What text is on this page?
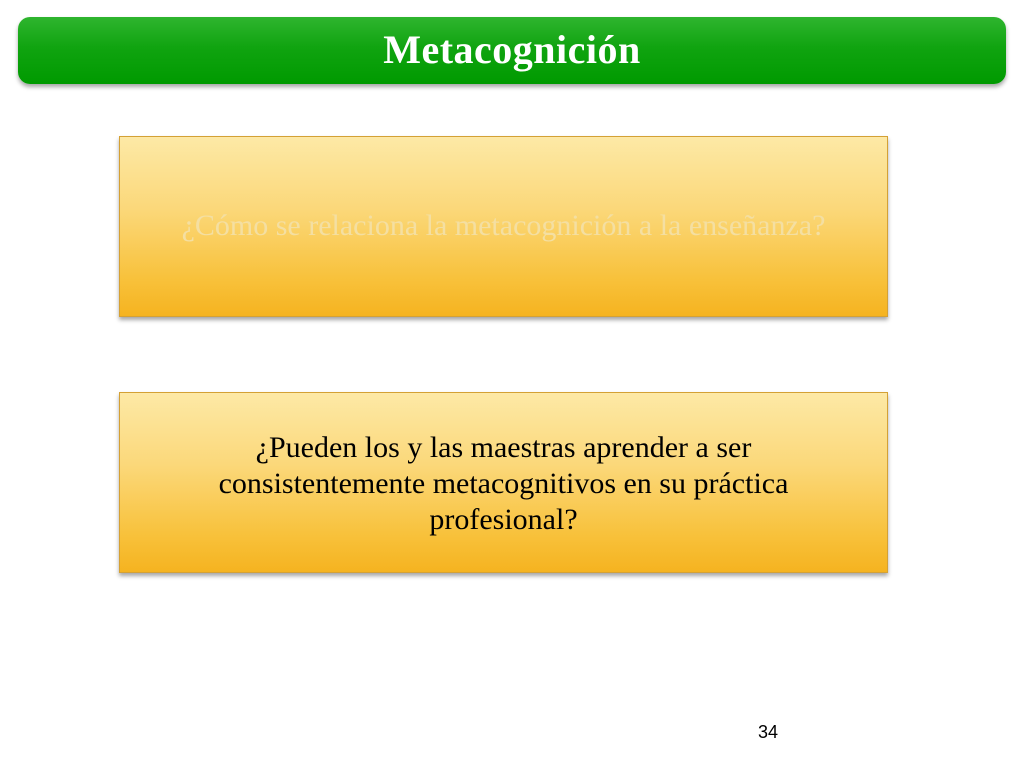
Metacognición
¿Cómo se relaciona la metacognición a la enseñanza?
¿Pueden los y las maestras aprender a ser consistentemente metacognitivos en su práctica profesional?
34
